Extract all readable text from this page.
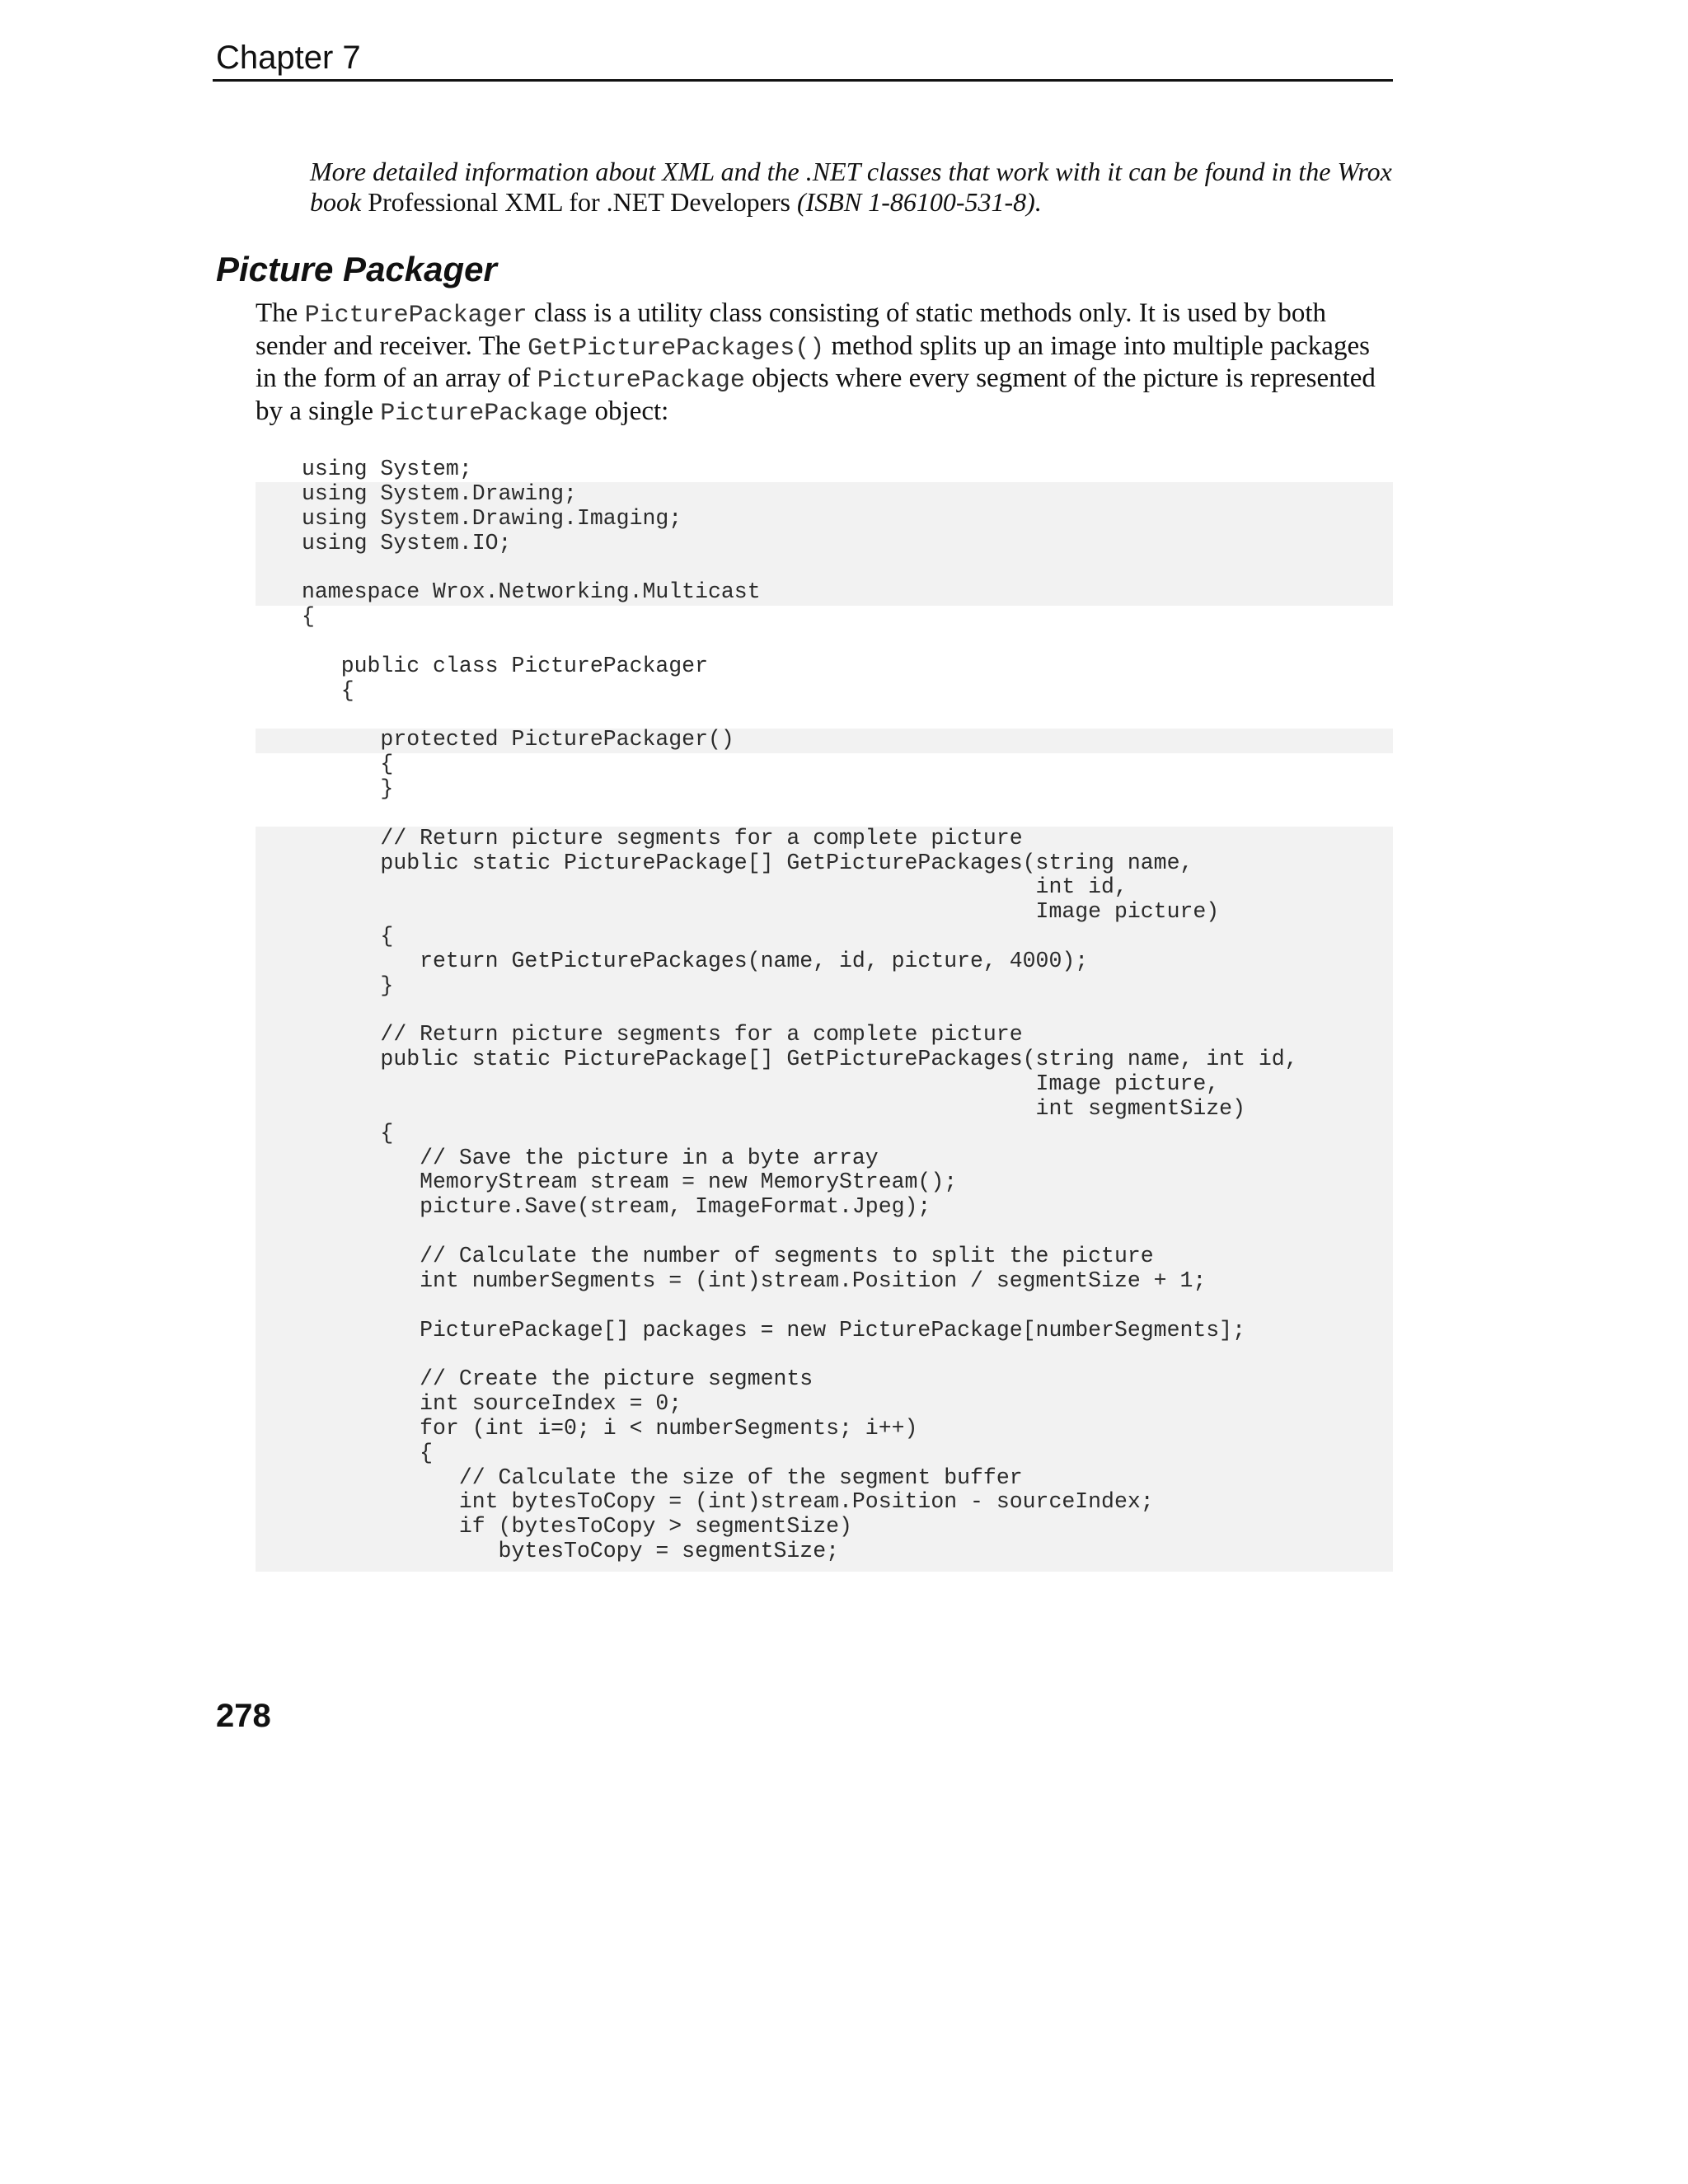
Chapter 7
More detailed information about XML and the .NET classes that work with it can be found in the Wrox book Professional XML for .NET Developers (ISBN 1-86100-531-8).
Picture Packager
The PicturePackager class is a utility class consisting of static methods only. It is used by both sender and receiver. The GetPicturePackages() method splits up an image into multiple packages in the form of an array of PicturePackage objects where every segment of the picture is represented by a single PicturePackage object:
using System;
using System.Drawing;
using System.Drawing.Imaging;
using System.IO;

namespace Wrox.Networking.Multicast
{

public class PicturePackager
{

protected PicturePackager()
{
}

// Return picture segments for a complete picture
public static PicturePackage[] GetPicturePackages(string name,
int id,
Image picture)
{
return GetPicturePackages(name, id, picture, 4000);
}

// Return picture segments for a complete picture
public static PicturePackage[] GetPicturePackages(string name, int id,
Image picture,
int segmentSize)
{
// Save the picture in a byte array
MemoryStream stream = new MemoryStream();
picture.Save(stream, ImageFormat.Jpeg);

// Calculate the number of segments to split the picture
int numberSegments = (int)stream.Position / segmentSize + 1;

PicturePackage[] packages = new PicturePackage[numberSegments];

// Create the picture segments
int sourceIndex = 0;
for (int i=0; i < numberSegments; i++)
{
// Calculate the size of the segment buffer
int bytesToCopy = (int)stream.Position - sourceIndex;
if (bytesToCopy > segmentSize)
bytesToCopy = segmentSize;
278
